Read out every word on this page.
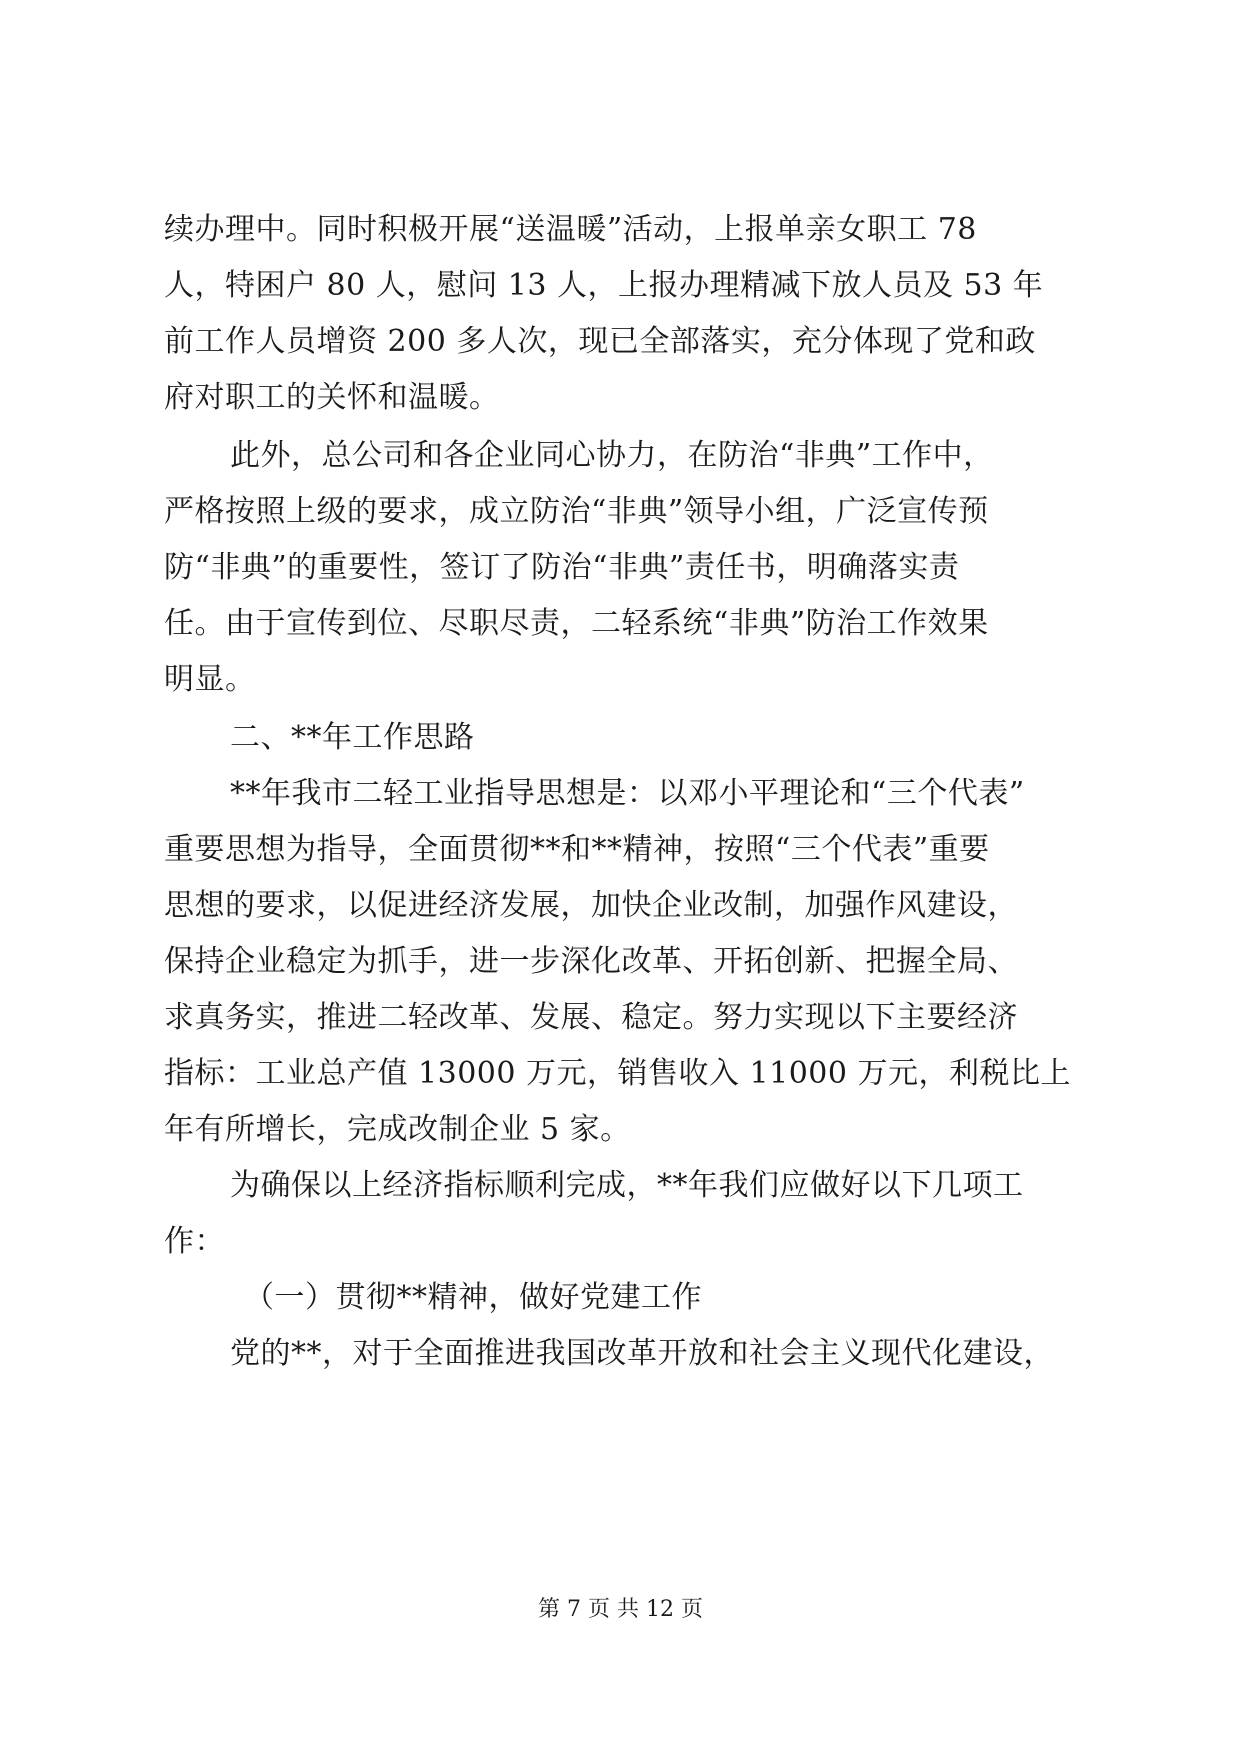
续办理中。同时积极开展“送温暖”活动，上报单亲女职工 78
人，特困户 80 人，慰问 13 人，上报办理精减下放人员及 53 年
前工作人员增资 200 多人次，现已全部落实，充分体现了党和政
府对职工的关怀和温暖。
此外，总公司和各企业同心协力，在防治“非典”工作中，
严格按照上级的要求，成立防治“非典”领导小组，广泛宣传预
防“非典”的重要性，签订了防治“非典”责任书，明确落实责
任。由于宣传到位、尽职尽责，二轻系统“非典”防治工作效果
明显。
二、**年工作思路
**年我市二轻工业指导思想是：以邓小平理论和“三个代表”
重要思想为指导，全面贯彻**和**精神，按照“三个代表”重要
思想的要求，以促进经济发展，加快企业改制，加强作风建设，
保持企业稳定为抓手，进一步深化改革、开拓创新、把握全局、
求真务实，推进二轻改革、发展、稳定。努力实现以下主要经济
指标：工业总产值 13000 万元，销售收入 11000 万元，利税比上
年有所增长，完成改制企业 5 家。
为确保以上经济指标顺利完成，**年我们应做好以下几项工
作：
（一）贯彻**精神，做好党建工作
党的**，对于全面推进我国改革开放和社会主义现代化建设，
第 7 页 共 12 页
